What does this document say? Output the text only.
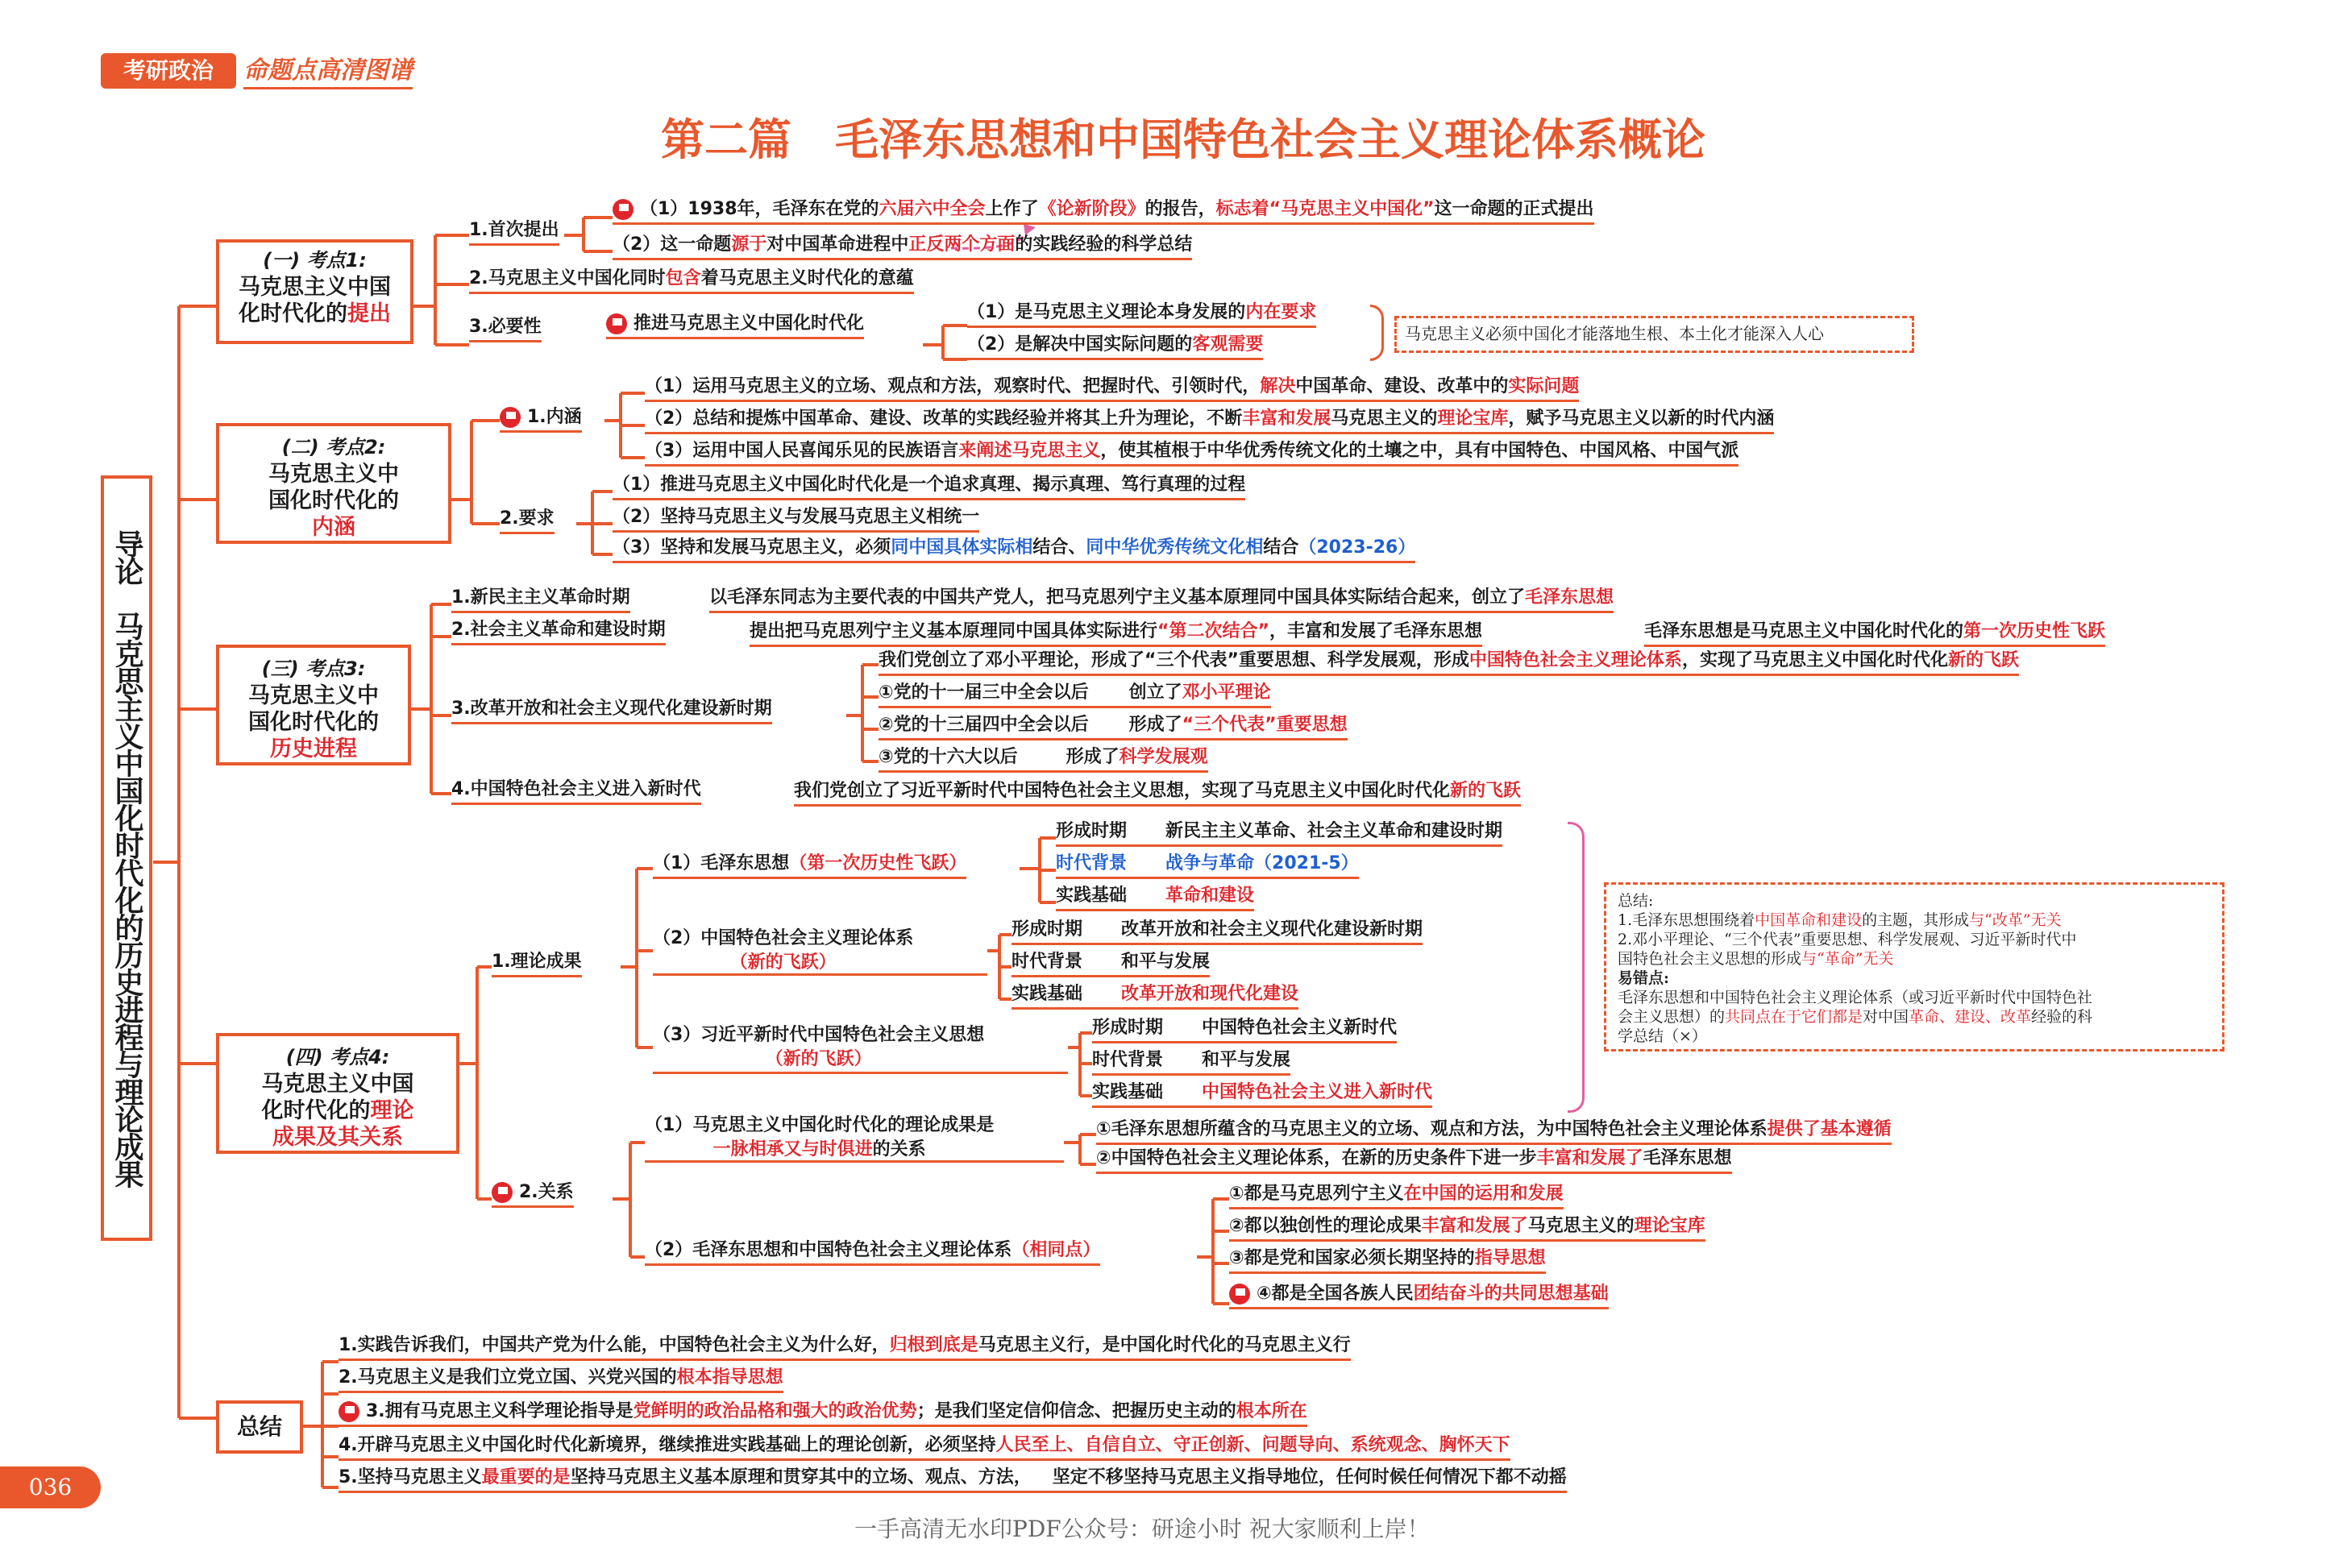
考研政治	命题点高清图谱
第二篇　毛泽东思想和中国特色社会主义理论体系概论
导论　马克思主义中国化时代化的历史进程与理论成果
(一) 考点1:
马克思主义中国
化时代化的提出
1.首次提出
（1）1938年，毛泽东在党的六届六中全会上作了《论新阶段》的报告，标志着“马克思主义中国化”这一命题的正式提出
（2）这一命题源于对中国革命进程中正反两个方面的实践经验的科学总结
2.马克思主义中国化同时包含着马克思主义时代化的意蕴
3.必要性	推进马克思主义中国化时代化
（1）是马克思主义理论本身发展的内在要求
（2）是解决中国实际问题的客观需要
马克思主义必须中国化才能落地生根、本土化才能深入人心
(二) 考点2:
马克思主义中
国化时代化的
内涵
1.内涵
（1）运用马克思主义的立场、观点和方法，观察时代、把握时代、引领时代，解决中国革命、建设、改革中的实际问题
（2）总结和提炼中国革命、建设、改革的实践经验并将其上升为理论，不断丰富和发展马克思主义的理论宝库，赋予马克思主义以新的时代内涵
（3）运用中国人民喜闻乐见的民族语言来阐述马克思主义，使其植根于中华优秀传统文化的土壤之中，具有中国特色、中国风格、中国气派
2.要求
（1）推进马克思主义中国化时代化是一个追求真理、揭示真理、笃行真理的过程
（2）坚持马克思主义与发展马克思主义相统一
（3）坚持和发展马克思主义，必须同中国具体实际相结合、同中华优秀传统文化相结合（2023-26）
(三) 考点3:
马克思主义中
国化时代化的
历史进程
1.新民主主义革命时期	以毛泽东同志为主要代表的中国共产党人，把马克思列宁主义基本原理同中国具体实际结合起来，创立了毛泽东思想
2.社会主义革命和建设时期	提出把马克思列宁主义基本原理同中国具体实际进行“第二次结合”，丰富和发展了毛泽东思想	毛泽东思想是马克思主义中国化时代化的第一次历史性飞跃
我们党创立了邓小平理论，形成了“三个代表”重要思想、科学发展观，形成中国特色社会主义理论体系，实现了马克思主义中国化时代化新的飞跃
3.改革开放和社会主义现代化建设新时期
①党的十一届三中全会以后 创立了邓小平理论
②党的十三届四中全会以后 形成了“三个代表”重要思想
③党的十六大以后	形成了科学发展观
4.中国特色社会主义进入新时代	我们党创立了习近平新时代中国特色社会主义思想，实现了马克思主义中国化时代化新的飞跃
(四) 考点4:
马克思主义中国
化时代化的理论
成果及其关系
1.理论成果
（1）毛泽东思想（第一次历史性飞跃）
形成时期 新民主主义革命、社会主义革命和建设时期
时代背景 战争与革命（2021-5）
实践基础 革命和建设
（2）中国特色社会主义理论体系
（新的飞跃）
形成时期 改革开放和社会主义现代化建设新时期
时代背景 和平与发展
实践基础 改革开放和现代化建设
（3）习近平新时代中国特色社会主义思想
（新的飞跃）
形成时期 中国特色社会主义新时代
时代背景 和平与发展
实践基础 中国特色社会主义进入新时代
总结:
1.毛泽东思想围绕着中国革命和建设的主题，其形成与“改革”无关
2.邓小平理论、“三个代表”重要思想、科学发展观、习近平新时代中
国特色社会主义思想的形成与“革命”无关
易错点:
毛泽东思想和中国特色社会主义理论体系（或习近平新时代中国特色社
会主义思想）的共同点在于它们都是对中国革命、建设、改革经验的科
学总结（×）
2.关系
（1）马克思主义中国化时代化的理论成果是
一脉相承又与时俱进的关系
①毛泽东思想所蕴含的马克思主义的立场、观点和方法，为中国特色社会主义理论体系提供了基本遵循
②中国特色社会主义理论体系，在新的历史条件下进一步丰富和发展了毛泽东思想
（2）毛泽东思想和中国特色社会主义理论体系（相同点）
①都是马克思列宁主义在中国的运用和发展
②都以独创性的理论成果丰富和发展了马克思主义的理论宝库
③都是党和国家必须长期坚持的指导思想
④都是全国各族人民团结奋斗的共同思想基础
总结
1.实践告诉我们，中国共产党为什么能，中国特色社会主义为什么好，归根到底是马克思主义行，是中国化时代化的马克思主义行
2.马克思主义是我们立党立国、兴党兴国的根本指导思想
3.拥有马克思主义科学理论指导是党鲜明的政治品格和强大的政治优势；是我们坚定信仰信念、把握历史主动的根本所在
4.开辟马克思主义中国化时代化新境界，继续推进实践基础上的理论创新，必须坚持人民至上、自信自立、守正创新、问题导向、系统观念、胸怀天下
5.坚持马克思主义最重要的是坚持马克思主义基本原理和贯穿其中的立场、观点、方法， 坚定不移坚持马克思主义指导地位，任何时候任何情况下都不动摇
036
一手高清无水印PDF公众号：研途小时 祝大家顺利上岸！
